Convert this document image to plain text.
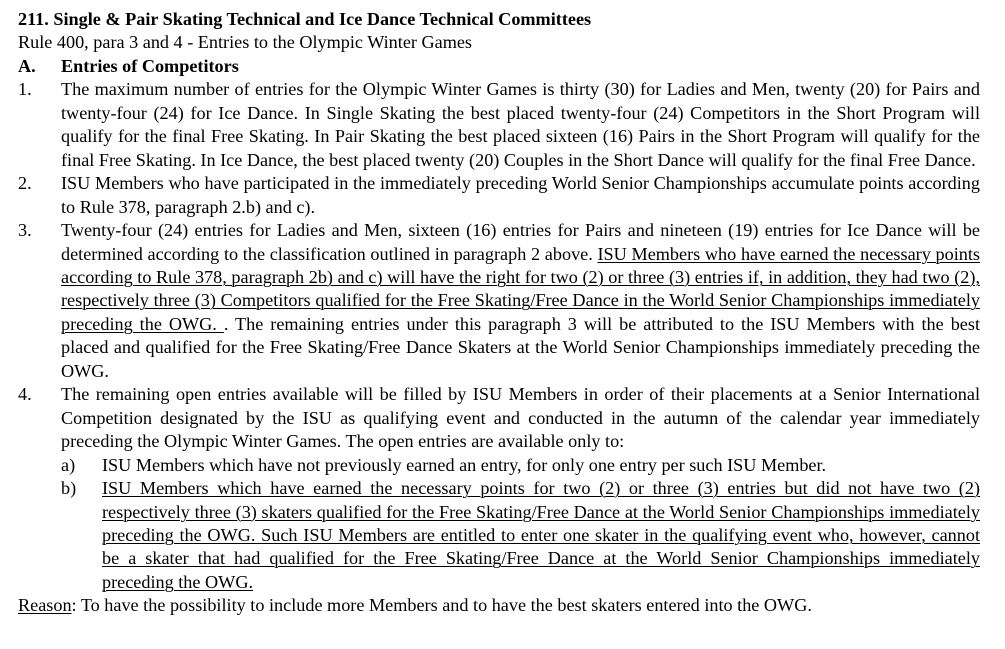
211. Single & Pair Skating Technical and Ice Dance Technical Committees

Rule 400, para 3 and 4 - Entries to the Olympic Winter Games

A.	Entries of Competitors
1.	The maximum number of entries for the Olympic Winter Games is thirty (30) for Ladies and Men, twenty (20) for Pairs and twenty-four (24) for Ice Dance. In Single Skating the best placed twenty-four (24) Competitors in the Short Program will qualify for the final Free Skating. In Pair Skating the best placed sixteen (16) Pairs in the Short Program will qualify for the final Free Skating. In Ice Dance, the best placed twenty (20) Couples in the Short Dance will qualify for the final Free Dance.
2.	ISU Members who have participated in the immediately preceding World Senior Championships accumulate points according to Rule 378, paragraph 2.b) and c).
3.	Twenty-four (24) entries for Ladies and Men, sixteen (16) entries for Pairs and nineteen (19) entries for Ice Dance will be determined according to the classification outlined in paragraph 2 above. ISU Members who have earned the necessary points according to Rule 378, paragraph 2b) and c) will have the right for two (2) or three (3) entries if, in addition, they had two (2), respectively three (3) Competitors qualified for the Free Skating/Free Dance in the World Senior Championships immediately preceding the OWG. . The remaining entries under this paragraph 3 will be attributed to the ISU Members with the best placed and qualified for the Free Skating/Free Dance Skaters at the World Senior Championships immediately preceding the OWG.
4.	The remaining open entries available will be filled by ISU Members in order of their placements at a Senior International Competition designated by the ISU as qualifying event and conducted in the autumn of the calendar year immediately preceding the Olympic Winter Games. The open entries are available only to:
a)	ISU Members which have not previously earned an entry, for only one entry per such ISU Member.
b)	ISU Members which have earned the necessary points for two (2) or three (3) entries but did not have two (2) respectively three (3) skaters qualified for the Free Skating/Free Dance at the World Senior Championships immediately preceding the OWG. Such ISU Members are entitled to enter one skater in the qualifying event who, however, cannot be a skater that had qualified for the Free Skating/Free Dance at the World Senior Championships immediately preceding the OWG.

Reason: To have the possibility to include more Members and to have the best skaters entered into the OWG.
